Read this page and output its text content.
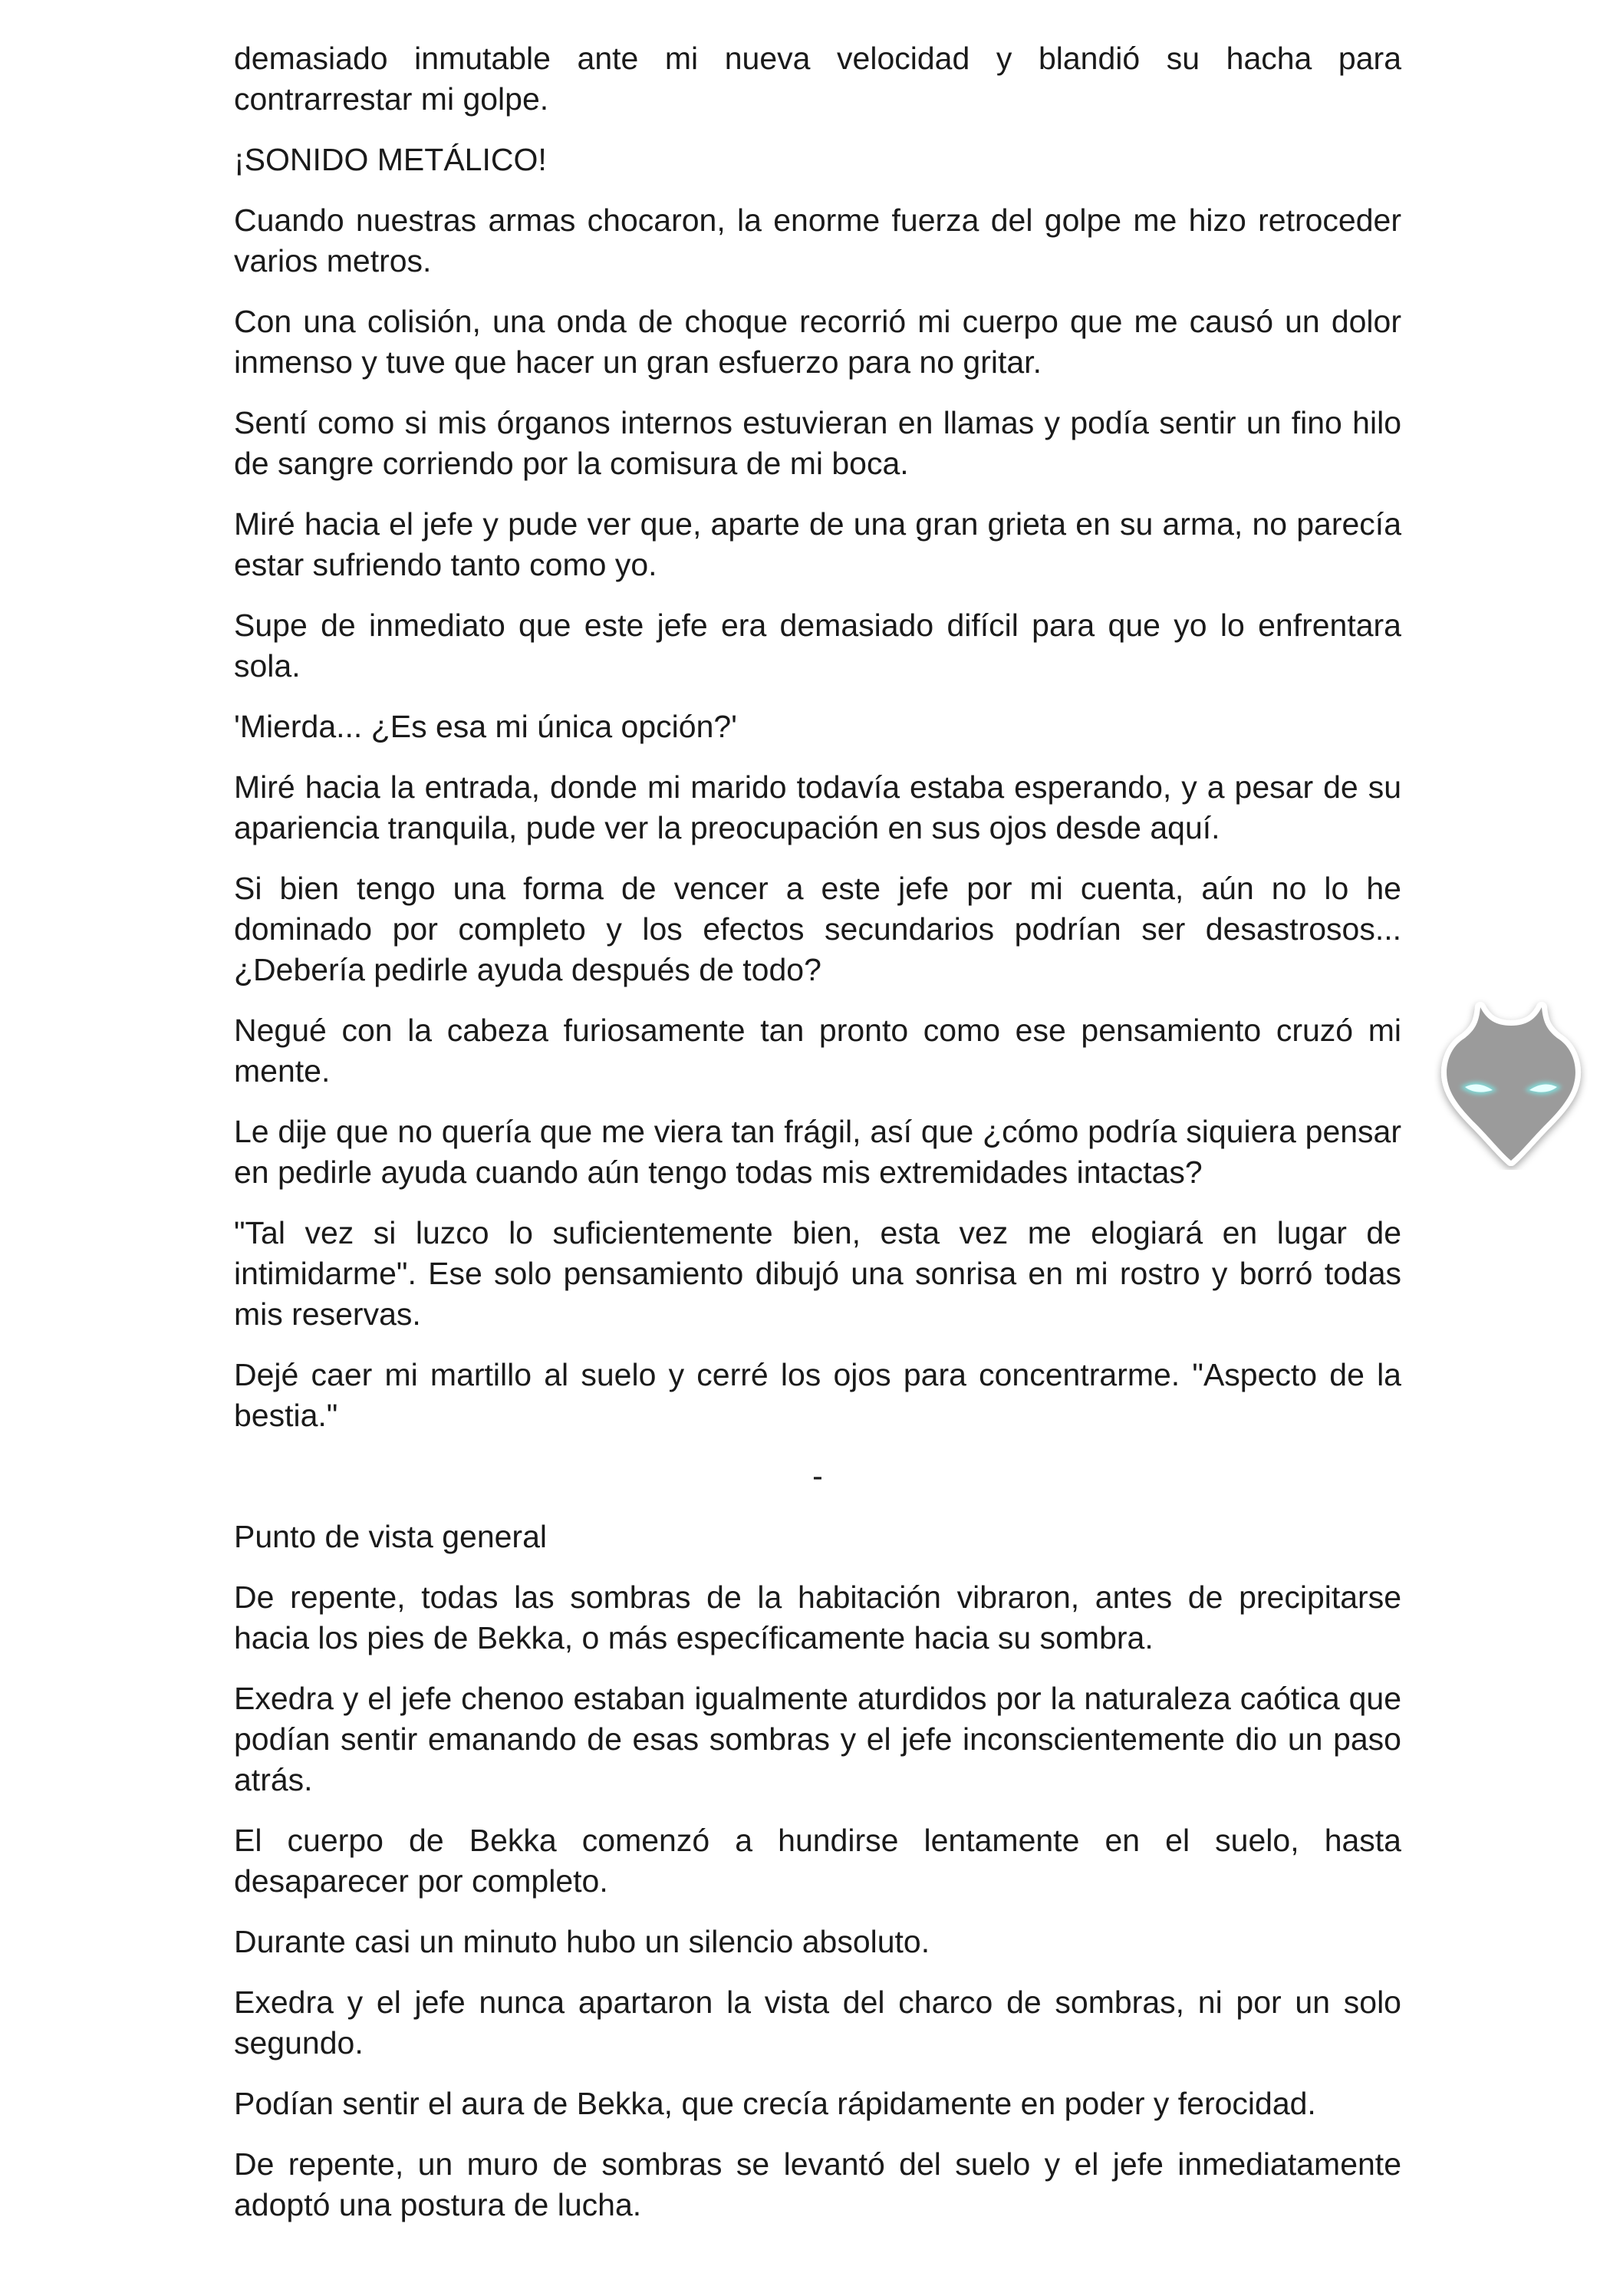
demasiado inmutable ante mi nueva velocidad y blandió su hacha para contrarrestar mi golpe.

¡SONIDO METÁLICO!

Cuando nuestras armas chocaron, la enorme fuerza del golpe me hizo retroceder varios metros.

Con una colisión, una onda de choque recorrió mi cuerpo que me causó un dolor inmenso y tuve que hacer un gran esfuerzo para no gritar.

Sentí como si mis órganos internos estuvieran en llamas y podía sentir un fino hilo de sangre corriendo por la comisura de mi boca.

Miré hacia el jefe y pude ver que, aparte de una gran grieta en su arma, no parecía estar sufriendo tanto como yo.

Supe de inmediato que este jefe era demasiado difícil para que yo lo enfrentara sola.

'Mierda... ¿Es esa mi única opción?'

Miré hacia la entrada, donde mi marido todavía estaba esperando, y a pesar de su apariencia tranquila, pude ver la preocupación en sus ojos desde aquí.

Si bien tengo una forma de vencer a este jefe por mi cuenta, aún no lo he dominado por completo y los efectos secundarios podrían ser desastrosos... ¿Debería pedirle ayuda después de todo?

Negué con la cabeza furiosamente tan pronto como ese pensamiento cruzó mi mente.

Le dije que no quería que me viera tan frágil, así que ¿cómo podría siquiera pensar en pedirle ayuda cuando aún tengo todas mis extremidades intactas?

"Tal vez si luzco lo suficientemente bien, esta vez me elogiará en lugar de intimidarme". Ese solo pensamiento dibujó una sonrisa en mi rostro y borró todas mis reservas.

Dejé caer mi martillo al suelo y cerré los ojos para concentrarme. "Aspecto de la bestia."

-

Punto de vista general

De repente, todas las sombras de la habitación vibraron, antes de precipitarse hacia los pies de Bekka, o más específicamente hacia su sombra.

Exedra y el jefe chenoo estaban igualmente aturdidos por la naturaleza caótica que podían sentir emanando de esas sombras y el jefe inconscientemente dio un paso atrás.

El cuerpo de Bekka comenzó a hundirse lentamente en el suelo, hasta desaparecer por completo.

Durante casi un minuto hubo un silencio absoluto.

Exedra y el jefe nunca apartaron la vista del charco de sombras, ni por un solo segundo.

Podían sentir el aura de Bekka, que crecía rápidamente en poder y ferocidad.

De repente, un muro de sombras se levantó del suelo y el jefe inmediatamente adoptó una postura de lucha.
